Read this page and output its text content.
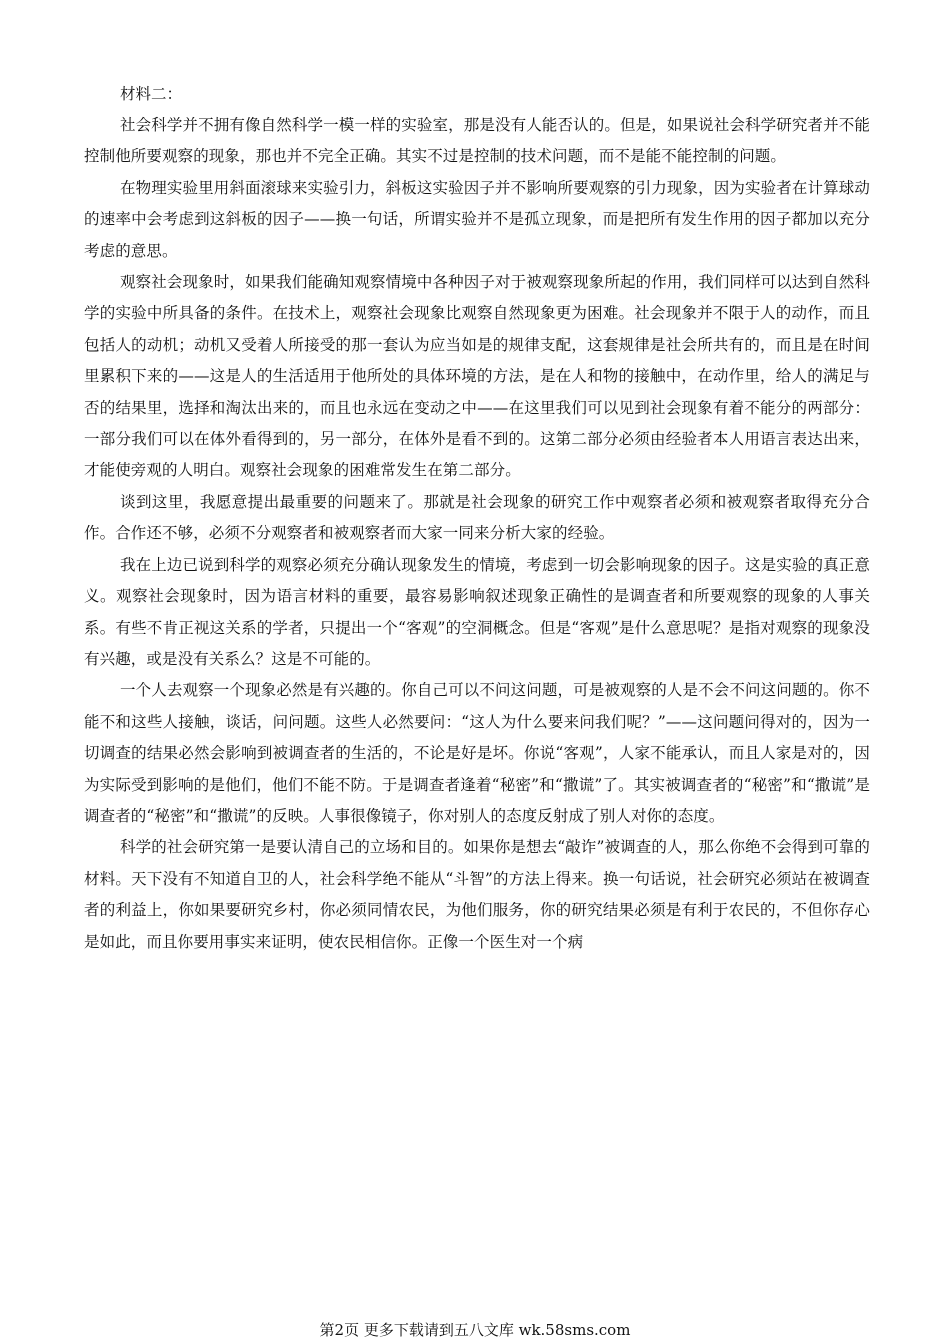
材料二：

社会科学并不拥有像自然科学一模一样的实验室，那是没有人能否认的。但是，如果说社会科学研究者并不能控制他所要观察的现象，那也并不完全正确。其实不过是控制的技术问题，而不是能不能控制的问题。

在物理实验里用斜面滚球来实验引力，斜板这实验因子并不影响所要观察的引力现象，因为实验者在计算球动的速率中会考虑到这斜板的因子——换一句话，所谓实验并不是孤立现象，而是把所有发生作用的因子都加以充分考虑的意思。

观察社会现象时，如果我们能确知观察情境中各种因子对于被观察现象所起的作用，我们同样可以达到自然科学的实验中所具备的条件。在技术上，观察社会现象比观察自然现象更为困难。社会现象并不限于人的动作，而且包括人的动机；动机又受着人所接受的那一套认为应当如是的规律支配，这套规律是社会所共有的，而且是在时间里累积下来的——这是人的生活适用于他所处的具体环境的方法，是在人和物的接触中，在动作里，给人的满足与否的结果里，选择和淘汰出来的，而且也永远在变动之中——在这里我们可以见到社会现象有着不能分的两部分：一部分我们可以在体外看得到的，另一部分，在体外是看不到的。这第二部分必须由经验者本人用语言表达出来，才能使旁观的人明白。观察社会现象的困难常发生在第二部分。

谈到这里，我愿意提出最重要的问题来了。那就是社会现象的研究工作中观察者必须和被观察者取得充分合作。合作还不够，必须不分观察者和被观察者而大家一同来分析大家的经验。

我在上边已说到科学的观察必须充分确认现象发生的情境，考虑到一切会影响现象的因子。这是实验的真正意义。观察社会现象时，因为语言材料的重要，最容易影响叙述现象正确性的是调查者和所要观察的现象的人事关系。有些不肯正视这关系的学者，只提出一个“客观”的空洞概念。但是“客观”是什么意思呢？是指对观察的现象没有兴趣，或是没有关系么？这是不可能的。

一个人去观察一个现象必然是有兴趣的。你自己可以不问这问题，可是被观察的人是不会不问这问题的。你不能不和这些人接触，谈话，问问题。这些人必然要问：“这人为什么要来问我们呢？”——这问题问得对的，因为一切调查的结果必然会影响到被调查者的生活的，不论是好是坏。你说“客观”，人家不能承认，而且人家是对的，因为实际受到影响的是他们，他们不能不防。于是调查者逢着“秘密”和“撒谎”了。其实被调查者的“秘密”和“撒谎”是调查者的“秘密”和“撒谎”的反映。人事很像镜子，你对别人的态度反射成了别人对你的态度。

科学的社会研究第一是要认清自己的立场和目的。如果你是想去“敲诈”被调查的人，那么你绝不会得到可靠的材料。天下没有不知道自卫的人，社会科学绝不能从“斗智”的方法上得来。换一句话说，社会研究必须站在被调查者的利益上，你如果要研究乡村，你必须同情农民，为他们服务，你的研究结果必须是有利于农民的，不但你存心是如此，而且你要用事实来证明，使农民相信你。正像一个医生对一个病

第2页 更多下载请到五八文库 wk.58sms.com
